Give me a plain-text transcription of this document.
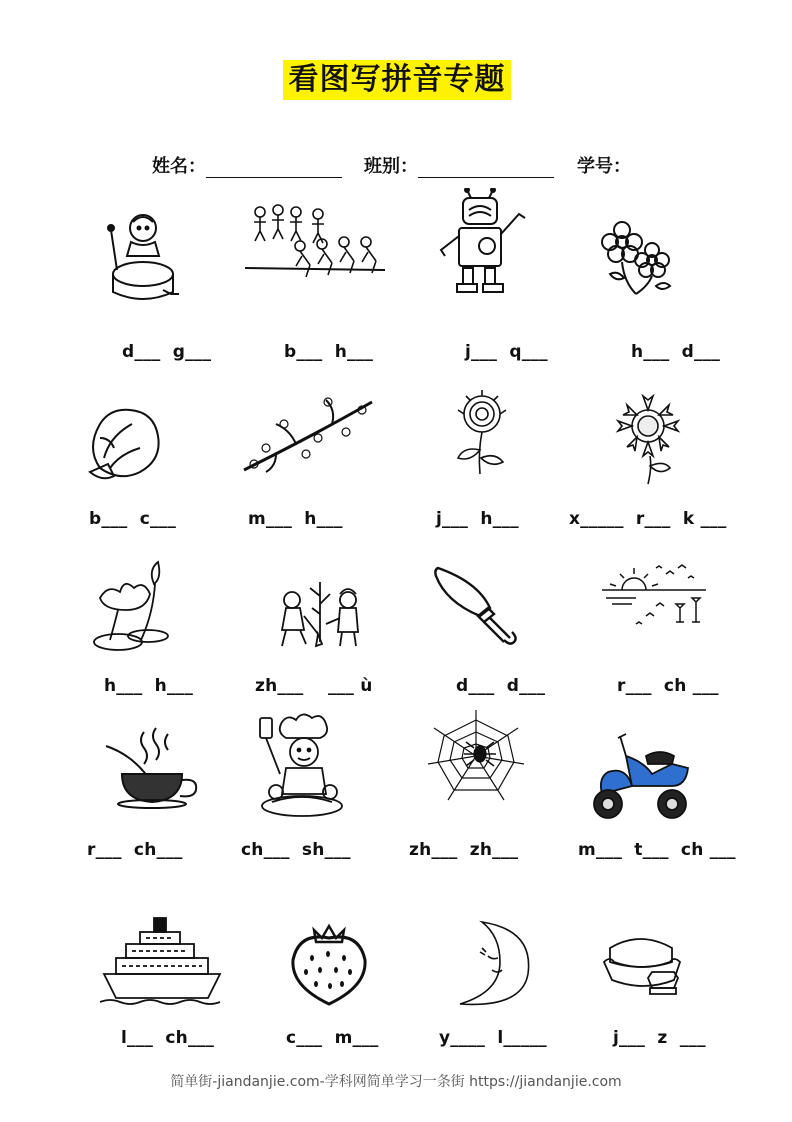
看图写拼音专题
姓名：	班别：	学号：
d___  g___	b___  h___	j___  q___	h___  d___
b___  c___	m___  h___	j___  h___	x_____  r___  k ___
h___  h___	zh___    ___ ù	d___  d___	r___  ch ___
r___  ch___	ch___  sh___	zh___  zh___	m___  t___  ch ___
l___  ch___	c___  m___	y____  l_____	j___  z  ___
简单街-jiandanjie.com-学科网简单学习一条街 https://jiandanjie.com
